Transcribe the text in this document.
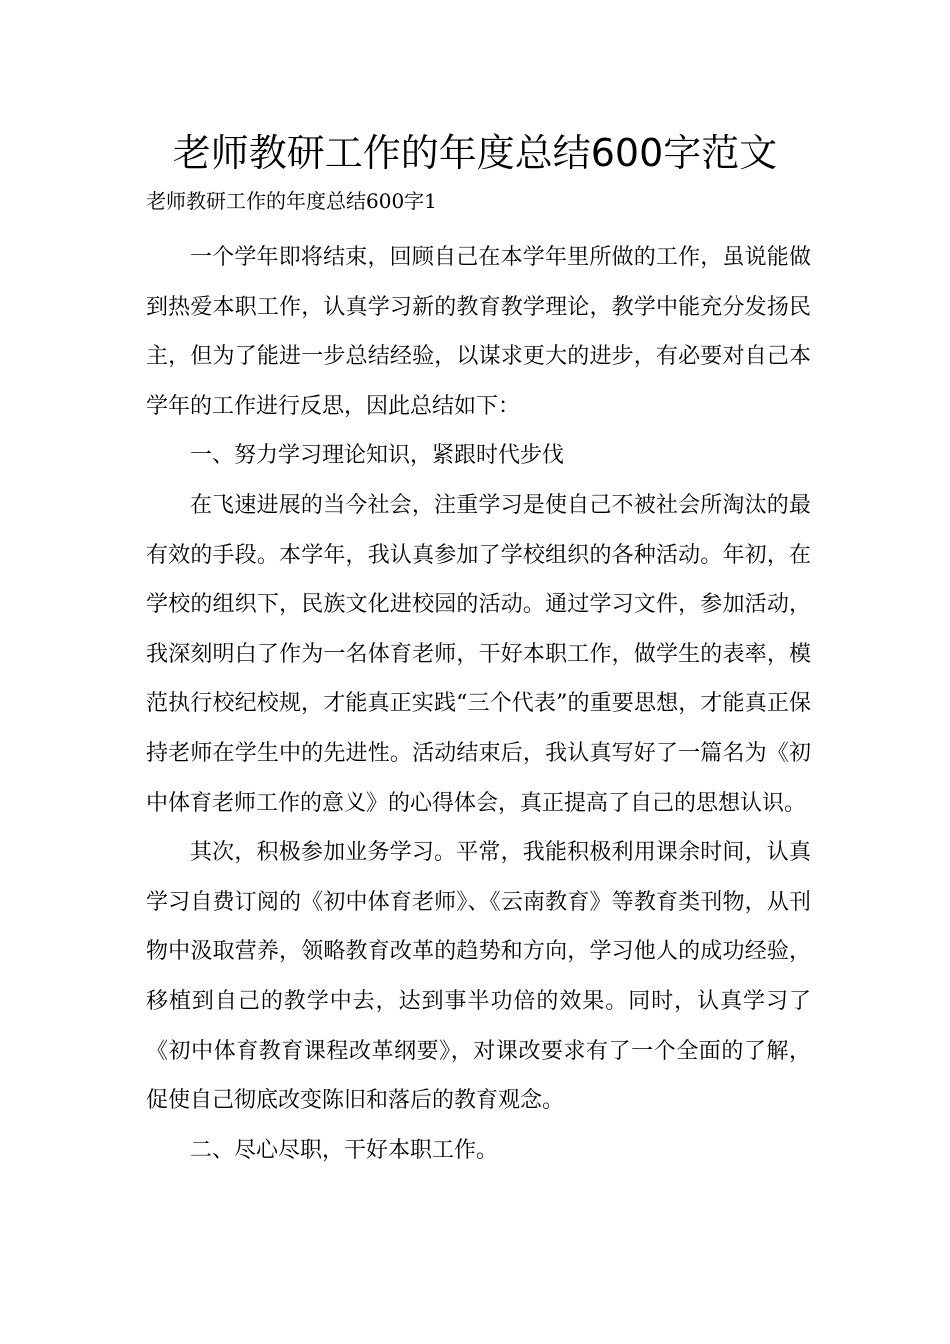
老师教研工作的年度总结600字范文

老师教研工作的年度总结600字1

一个学年即将结束，回顾自己在本学年里所做的工作，虽说能做到热爱本职工作，认真学习新的教育教学理论，教学中能充分发扬民主，但为了能进一步总结经验，以谋求更大的进步，有必要对自己本学年的工作进行反思，因此总结如下：

一、努力学习理论知识，紧跟时代步伐

在飞速进展的当今社会，注重学习是使自己不被社会所淘汰的最有效的手段。本学年，我认真参加了学校组织的各种活动。年初，在学校的组织下，民族文化进校园的活动。通过学习文件，参加活动，我深刻明白了作为一名体育老师，干好本职工作，做学生的表率，模范执行校纪校规，才能真正实践“三个代表”的重要思想，才能真正保持老师在学生中的先进性。活动结束后，我认真写好了一篇名为《初中体育老师工作的意义》的心得体会，真正提高了自己的思想认识。

其次，积极参加业务学习。平常，我能积极利用课余时间，认真学习自费订阅的《初中体育老师》、《云南教育》等教育类刊物，从刊物中汲取营养，领略教育改革的趋势和方向，学习他人的成功经验，移植到自己的教学中去，达到事半功倍的效果。同时，认真学习了《初中体育教育课程改革纲要》，对课改要求有了一个全面的了解，促使自己彻底改变陈旧和落后的教育观念。

二、尽心尽职，干好本职工作。
